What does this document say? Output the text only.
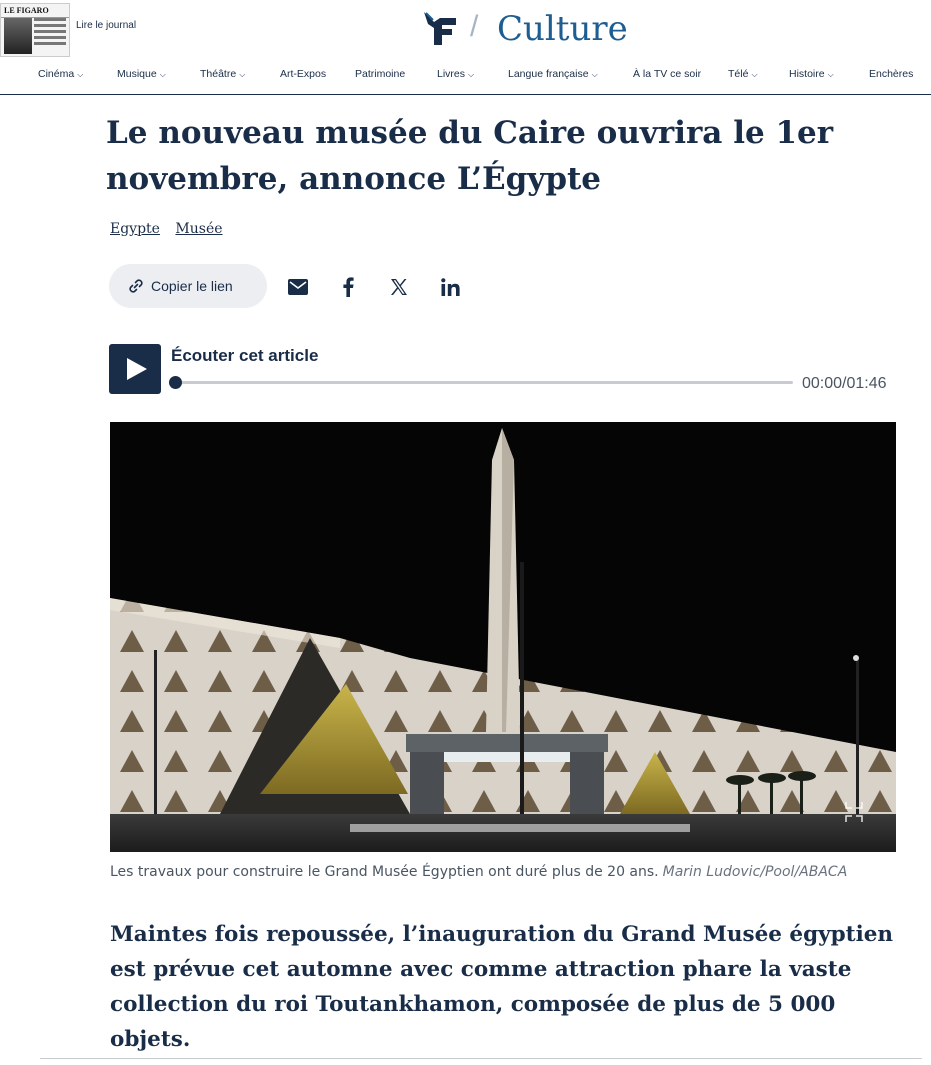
LE FIGARO
Lire le journal	/ Culture
Cinéma ⌵	Musique ⌵	Théâtre ⌵	Art-Expos	Patrimoine	Livres ⌵	Langue française ⌵	À la TV ce soir	Télé ⌵	Histoire ⌵	Enchères
Le nouveau musée du Caire ouvrira le 1er novembre, annonce L’Égypte
Egypte Musée
Copier le lien
Écouter cet article
00:00/01:46
Les travaux pour construire le Grand Musée Égyptien ont duré plus de 20 ans. Marin Ludovic/Pool/ABACA

Maintes fois repoussée, l’inauguration du Grand Musée égyptien est prévue cet automne avec comme attraction phare la vaste collection du roi Toutankhamon, composée de plus de 5 000 objets.
